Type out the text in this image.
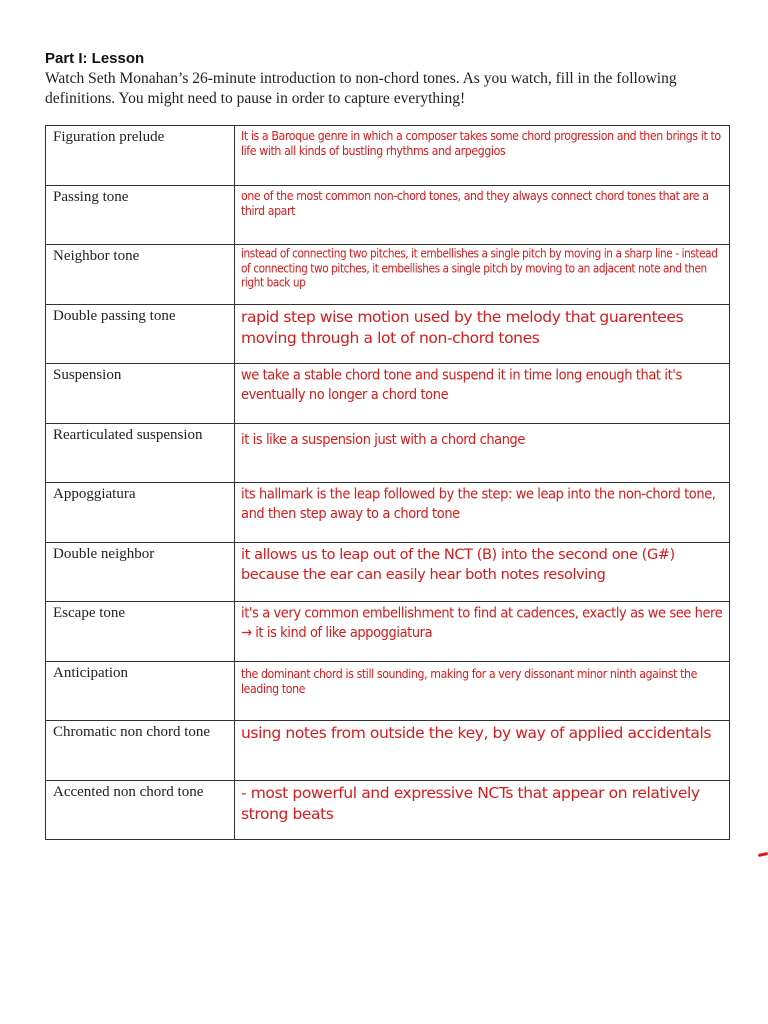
Part I: Lesson
Watch Seth Monahan’s 26-minute introduction to non-chord tones. As you watch, fill in the following definitions. You might need to pause in order to capture everything!
Figuration prelude	It is a Baroque genre in which a composer takes some chord progression and then brings it to life with all kinds of bustling rhythms and arpeggios

Passing tone	one of the most common non-chord tones, and they always connect chord tones that are a third apart

Neighbor tone	instead of connecting two pitches, it embellishes a single pitch by moving in a sharp line - instead of connecting two pitches, it embellishes a single pitch by moving to an adjacent note and then right back up

Double passing tone	rapid step wise motion used by the melody that guarentees moving through a lot of non-chord tones

Suspension	we take a stable chord tone and suspend it in time long enough that it's eventually no longer a chord tone

Rearticulated suspension	it is like a suspension just with a chord change

Appoggiatura	its hallmark is the leap followed by the step: we leap into the non-chord tone, and then step away to a chord tone

Double neighbor	it allows us to leap out of the NCT (B) into the second one (G#) because the ear can easily hear both notes resolving

Escape tone	it's a very common embellishment to find at cadences, exactly as we see here → it is kind of like appoggiatura

Anticipation	the dominant chord is still sounding, making for a very dissonant minor ninth against the leading tone

Chromatic non chord tone	using notes from outside the key, by way of applied accidentals

Accented non chord tone	- most powerful and expressive NCTs that appear on relatively strong beats
